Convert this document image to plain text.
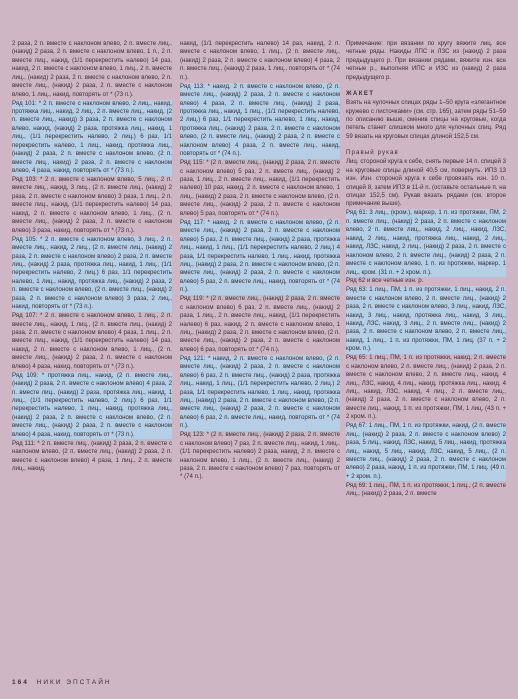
2 раза, 2 п. вместе с наклоном влево, 2 п. вместе лиц., (накид) 2 раза, 2 п. вместе с наклоном влево, 1 п., 2 п. вместе лиц., накид, (1/1 перекрестить налево) 14 раз, накид, 2 п. вместе с наклоном влево, 1 лиц., 2 п. вместе лиц., (накид) 2 раза, 2 п. вместе с наклоном влево, 2 п. вместе лиц., (накид) 2 раза, 2 п. вместе с наклоном влево, 1 лиц., накид, повторять от * (73 п.).

Ряд 101: * 2 п. вместе с наклоном влево, 2 лиц., накид, протяжка лиц., накид, 2 лиц., 2 п. вместе лиц., накид, (2 п. вместе лиц., накид) 3 раза, 2 п. вместе с наклоном влево, накид, (накид) 2 раза, протяжка лиц., накид, 1 лиц., (1/1 перекрестить налево, 2 лиц.) 6 раз, 1/1 перекрестить налево, 1 лиц., накид, протяжка лиц., (накид) 2 раза, 2 п. вместе с наклоном влево, (2 п. вместе лиц., накид) 2 раза, 2 п. вместе с наклоном влево, 4 раза, накид, повторять от * (73 п.).

Ряд 103: * 2 п. вместе с наклоном влево, 5 лиц., 2 п. вместе лиц., накид, 3 лиц., (2 п. вместе лиц., (накид) 2 раза, 2 п. вместе с наклоном влево) 3 раза, 1 лиц., 2 п. вместе лиц., накид, (1/1 перекрестить налево) 14 раз, накид, 2 п. вместе с наклоном влево, 1 лиц., (2 п. вместе лиц., (накид) 2 раза, 2 п. вместе с наклоном влево) 3 раза, накид, повторять от * (73 п.).

Ряд 105: * 2 п. вместе с наклоном влево, 3 лиц., 2 п. вместе лиц., накид, 2 лиц., (2 п. вместе лиц., (накид) 2 раза, 2 п. вместе с наклоном влево) 2 раза, 2 п. вместе лиц., (накид) 2 раза, протяжка лиц., накид, 1 лиц., (1/1 перекрестить налево, 2 лиц.) 6 раз, 1/1 перекрестить налево, 1 лиц., накид, протяжка лиц., (накид) 2 раза, 2 п. вместе с наклоном влево, (2 п. вместе лиц., (накид) 2 раза, 2 п. вместе с наклоном влево) 3 раза, 2 лиц., накид, повторять от * (73 п.).

Ряд 107: * 2 п. вместе с наклоном влево, 1 лиц., 2 п. вместе лиц., накид, 1 лиц., (2 п. вместе лиц., (накид) 2 раза, 2 п. вместе с наклоном влево) 4 раза, 1 лиц., 2 п. вместе лиц., накид, (1/1 перекрестить налево) 14 раз, накид, 2 п. вместе с наклоном влево, 1 лиц., (2 п. вместе лиц., (накид) 2 раза, 2 п. вместе с наклоном влево) 4 раза, накид, повторять от * (73 п.).

Ряд 109: * протяжка лиц., накид, (2 п. вместе лиц., (накид) 2 раза, 2 п. вместе с наклоном влево) 4 раза, 2 п. вместе лиц., (накид) 2 раза, протяжка лиц., накид, 1 лиц., (1/1 перекрестить налево, 2 лиц.) 6 раз, 1/1 перекрестить налево, 1 лиц., накид, протяжка лиц., (накид) 2 раза, 2 п. вместе с наклоном влево, (2 п. вместе лиц., (накид) 2 раза, 2 п. вместе с наклоном влево) 4 раза, накид, повторять от * (73 п.).

Ряд 111: * 2 п. вместе лиц., (накид) 2 раза, 2 п. вместе с наклоном влево, (2 п. вместе лиц., (накид) 2 раза, 2 п. вместе с наклоном влево) 4 раза, 1 лиц., 2 п. вместе лиц., накид,

накид, (1/1 перекрестить налево) 14 раз, накид, 2 п. вместе с наклоном влево, 1 лиц., (2 п. вместе лиц., (накид) 2 раза, 2 п. вместе с наклоном влево) 4 раза, 2 п. вместе лиц., (накид) 2 раза, 1 лиц., повторять от * (74 п.).

Ряд 113: * накид, 2 п. вместе с наклоном влево, (2 п. вместе лиц., (накид) 2 раза, 2 п. вместе с наклоном влево) 4 раза, 2 п. вместе лиц., (накид) 2 раза, протяжка лиц., накид, 1 лиц., (1/1 перекрестить налево, 2 лиц.) 6 раз, 1/1 перекрестить налево, 1 лиц., накид, протяжка лиц., (накид) 2 раза, 2 п. вместе с наклоном влево, (2 п. вместе лиц., (накид) 2 раза, 2 п. вместе с наклоном влево) 4 раза, 2 п. вместе лиц., накид, повторять от * (74 п.).

Ряд 115: * (2 п. вместе лиц., (накид) 2 раза, 2 п. вместе с наклоном влево) 5 раз, 2 п. вместе лиц., (накид) 2 раза, 1 лиц., 2 п. вместе лиц., накид, (1/1 перекрестить налево) 10 раз, накид, 2 п. вместе с наклоном влево, 1 лиц., (накид) 2 раза, 2 п. вместе с наклоном влево, (2 п. вместе лиц., (накид) 2 раза, 2 п. вместе с наклоном влево) 5 раз, повторять от * (74 п.).

Ряд 117: * накид, 2 п. вместе с наклоном влево, (2 п. вместе лиц., (накид) 2 раза, 2 п. вместе с наклоном влево) 5 раз, 2 п. вместе лиц., (накид) 2 раза, протяжка лиц., накид, 1 лиц., (1/1 перекрестить налево, 2 лиц.) 4 раза, 1/1 перекрестить налево, 1 лиц., накид, протяжка лиц., (накид) 2 раза, 2 п. вместе с наклоном влево, (2 п. вместе лиц., (накид) 2 раза, 2 п. вместе с наклоном влево) 5 раз, 2 п. вместе лиц., накид, повторять от * (74 п.).

Ряд 119: * (2 п. вместе лиц., (накид) 2 раза, 2 п. вместе с наклоном влево) 6 раз, 2 п. вместе лиц., (накид) 2 раза, 1 лиц., 2 п. вместе лиц., накид, (1/1 перекрестить налево) 6 раз, накид, 2 п. вместе с наклоном влево, 1 лиц., (накид) 2 раза, 2 п. вместе с наклоном влево, (2 п. вместе лиц., (накид) 2 раза, 2 п. вместе с наклоном влево) 6 раз, повторять от * (74 п.).

Ряд 121: * накид, 2 п. вместе с наклоном влево, (2 п. вместе лиц., (накид) 2 раза, 2 п. вместе с наклоном влево) 6 раз, 2 п. вместе лиц., (накид) 2 раза, протяжка лиц., накид, 1 лиц., (1/1 перекрестить налево, 2 лиц.) 2 раза, 1/1 перекрестить налево, 1 лиц., накид, протяжка лиц., (накид) 2 раза, 2 п. вместе с наклоном влево, (2 п. вместе лиц., (накид) 2 раза, 2 п. вместе с наклоном влево) 6 раз, 2 п. вместе лиц., накид, повторять от * (74 п.).

Ряд 123: * (2 п. вместе лиц., (накид) 2 раза, 2 п. вместе с наклоном влево) 7 раз, 2 п. вместе лиц., накид, 1 лиц., (1/1 перекрестить налево) 2 раза, накид, 2 п. вместе с наклоном влево, 1 лиц., (2 п. вместе лиц., (накид) 2 раза, 2 п. вместе с наклоном влево) 7 раз, повторять от * (74 п.).

Примечание: при вязании по кругу вяжите лиц. все четные ряды. Накиды ЛПС и ЛЗС из (накид) 2 раза предыдущего р. При вязании рядами, вяжите изн. все четные р., выполняя ИПС и ИЗС из (накид) 2 раза предыдущего р.

ЖАКЕТ

Взять на чулочных спицах ряды 1–50 круга «элегантное кружево с листочками» (см. стр. 165), затем ряды 51–59 по описанию выше, сменив спицы на круговые, когда петель станет слишком много для чулочных спиц. Ряд 59 вязать на круговых спицах длиной 152,5 см.

Правый рукав

Лиц. стороной круга к себе, снять первые 14 п. спицей 3 на круговые спицы длиной 40,5 см, повернуть. ИПЗ 13 изн. Изн. стороной круга к себе провязать изн. 10 п. спицей 8, затем ИПЗ в 11-й п. (оставьте остальные п. на спицах 152,5 см). Рукав вязать рядами (см. второе примечание выше).

Ряд 61: 3 лиц., (кром.), маркер, 1 п. из протяжки, ПМ, 2 п. вместе лиц., (накид) 2 раза, 2 п. вместе с наклоном влево, 2 п. вместе лиц., накид, 2 лиц., накид, ЛЗС, накид, 2 лиц., накид, протяжка лиц., накид, 2 лиц., накид, ЛЗС, накид, 2 лиц., (накид) 2 раза, 2 п. вместе с наклоном влево, 2 п. вместе лиц., (накид) 2 раза, 2 п. вместе с наклоном влево, 1 п. из протяжки, маркер, 1 лиц., кром. (31 п. + 2 кром. п.).

Ряд 62 и все четные изн. р.

Ряд 63: 1 лиц., ПМ, 1 п. из протяжки, 1 лиц., накид, 2 п. вместе с наклоном влево, 2 п. вместе лиц., (накид) 2 раза, 2 п. вместе с наклоном влево, 3 лиц., накид, ЛЗС, накид, 3 лиц., накид, протяжка лиц., накид, 3 лиц., накид, ЛЗС, накид, 3 лиц., 2 п. вместе лиц., (накид) 2 раза, 2 п. вместе с наклоном влево, 2 п. вместе лиц., накид, 1 лиц., 1 п. из протяжки, ПМ, 1 лиц. (37 п. + 2 кром. п.).

Ряд 65: 1 лиц., ПМ, 1 п. из протяжки, накид, 2 п. вместе с наклоном влево, 2 п. вместе лиц., (накид) 2 раза, 2 п. вместе с наклоном влево, 2 п. вместе лиц., накид, 4 лиц., ЛЗС, накид, 4 лиц., накид, протяжка лиц., накид, 4 лиц., накид, ЛЗС, накид, 4 лиц., 2 п. вместе лиц., (накид) 2 раза, 2 п. вместе с наклоном влево, 2 п. вместе лиц., накид, 1 п. из протяжки, ПМ, 1 лиц. (43 п. + 2 кром. п.).

Ряд 67: 1 лиц., ПМ, 1 п. из протяжки, накид, (2 п. вместе лиц., (накид) 2 раза, 2 п. вместе с наклоном влево) 2 раза, 5 лиц., накид, ЛЗС, накид, 5 лиц., накид, протяжка лиц., накид, 5 лиц., накид, ЛЗС, накид, 5 лиц., (2 п. вместе лиц., (накид) 2 раза, 2 п. вместе с наклоном влево) 2 раза, накид, 1 п. из протяжки, ПМ, 1 лиц. (49 п. + 2 кром. п.).

Ряд 69: 1 лиц., ПМ, 1 п. из протяжки, 1 лиц., (2 п. вместе лиц., (накид) 2 раза, 2 п. вместе

164 НИКИ ЭПСТАЙН
